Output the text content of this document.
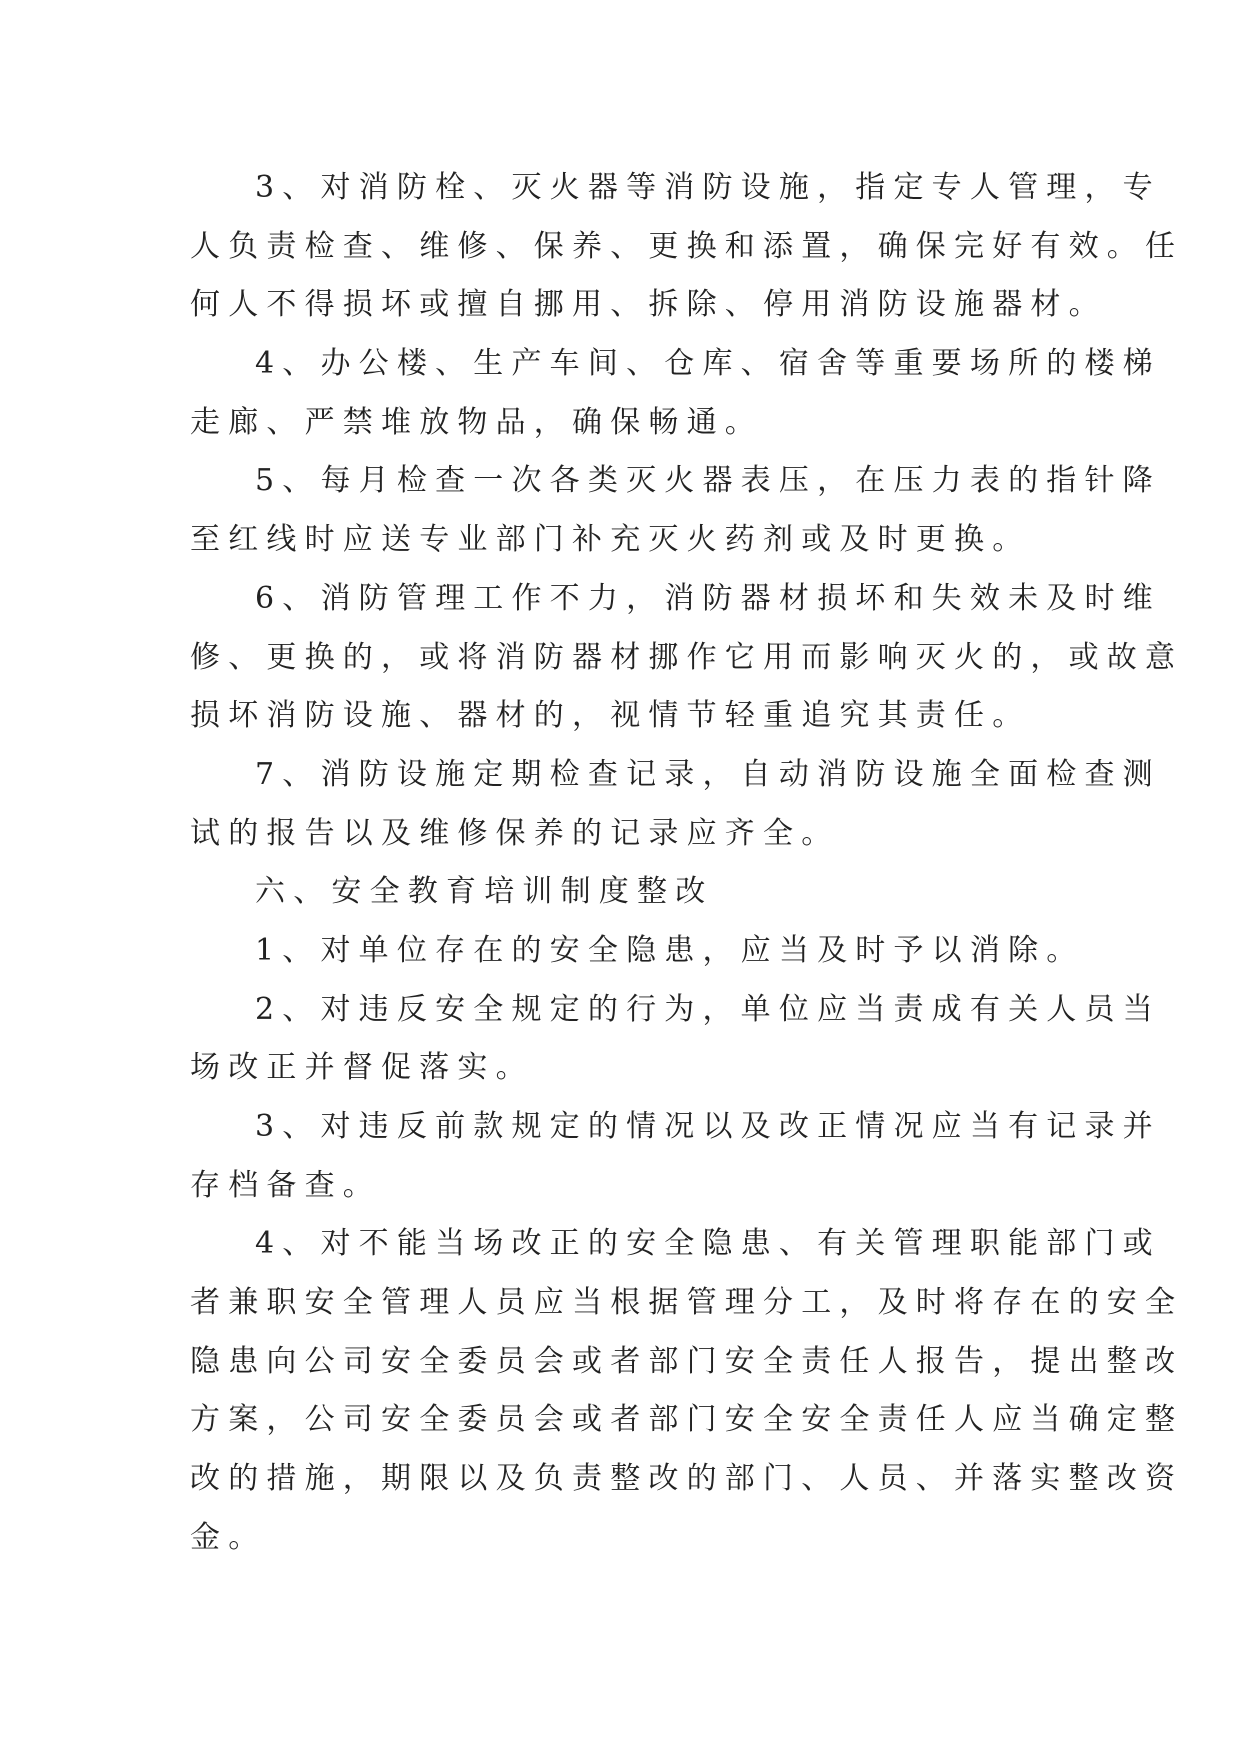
3、对消防栓、灭火器等消防设施，指定专人管理，专
人负责检查、维修、保养、更换和添置，确保完好有效。任
何人不得损坏或擅自挪用、拆除、停用消防设施器材。
4、办公楼、生产车间、仓库、宿舍等重要场所的楼梯
走廊、严禁堆放物品，确保畅通。
5、每月检查一次各类灭火器表压，在压力表的指针降
至红线时应送专业部门补充灭火药剂或及时更换。
6、消防管理工作不力，消防器材损坏和失效未及时维
修、更换的，或将消防器材挪作它用而影响灭火的，或故意
损坏消防设施、器材的，视情节轻重追究其责任。
7、消防设施定期检查记录，自动消防设施全面检查测
试的报告以及维修保养的记录应齐全。
六、安全教育培训制度整改
1、对单位存在的安全隐患，应当及时予以消除。
2、对违反安全规定的行为，单位应当责成有关人员当
场改正并督促落实。
3、对违反前款规定的情况以及改正情况应当有记录并
存档备查。
4、对不能当场改正的安全隐患、有关管理职能部门或
者兼职安全管理人员应当根据管理分工，及时将存在的安全
隐患向公司安全委员会或者部门安全责任人报告，提出整改
方案，公司安全委员会或者部门安全安全责任人应当确定整
改的措施，期限以及负责整改的部门、人员、并落实整改资
金。
